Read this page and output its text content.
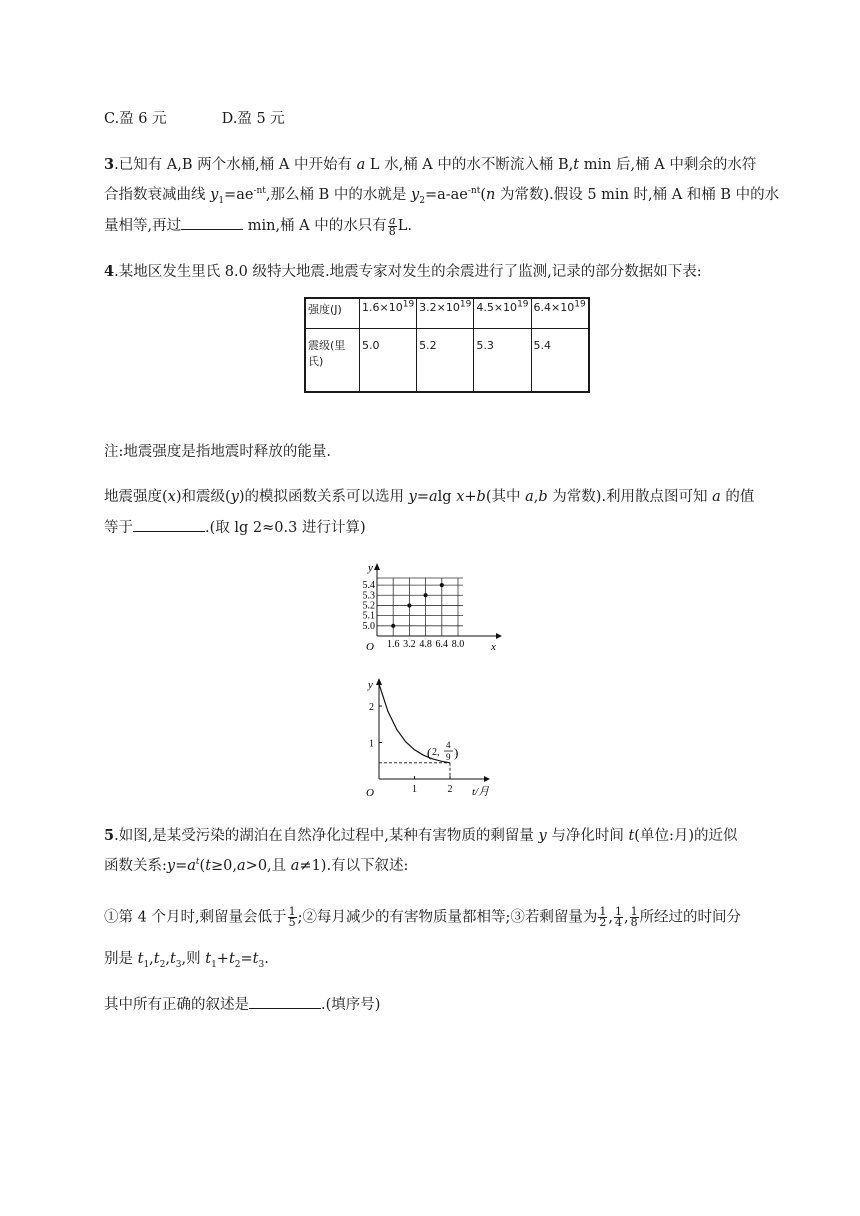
C.盈 6 元	D.盈 5 元
3.已知有 A,B 两个水桶,桶 A 中开始有 a L 水,桶 A 中的水不断流入桶 B,t min 后,桶 A 中剩余的水符
合指数衰减曲线 $y_1=ae^{-nt}$,那么桶 B 中的水就是 $y_2=a-ae^{-nt}(n$ 为常数).假设 5 min 时,桶 A 和桶 B 中的水
量相等,再过	min,桶 A 中的水只有 $\frac{a}{8} L$.
4.某地区发生里氏 8.0 级特大地震.地震专家对发生的余震进行了监测,记录的部分数据如下表:
强度(J)	$1.6\times 10^{19}$	$3.2\times 10^{19}$	$4.5\times 10^{19}$	$6.4\times 10^{19}$
震级(里氏)	5.0	5.2	5.3	5.4
注:地震强度是指地震时释放的能量.
地震强度(x)和震级(y)的模拟函数关系可以选用 y=alg x+b(其中 a,b 为常数).利用散点图可知 a 的值
等于	.(取 lg 2≈0.3 进行计算)
5.0
5.1
5.2
5.3
5.4
1.6 3.2 4.8 6.4 8.0
O	x
y
1	2
1
2
( 2,
4
9 )
O	t/月
y
5.如图,是某受污染的湖泊在自然净化过程中,某种有害物质的剩留量 y 与净化时间 t(单位:月)的近似
函数关系$:y=a^t(t\ge 0,a>0$,且 a≠1).有以下叙述:
①第 4 个月时,剩留量会低于 $\frac{1}{5}$ ;②每月减少的有害物质量都相等;③若剩留量为 $\frac{1}{2}$ , $\frac{1}{4}$ , $\frac{1}{8}$ 所经过的时间分
别是 $t_1,t_2,t_3$,则 $t_1+t_2=t_3$.
其中所有正确的叙述是	.(填序号)
